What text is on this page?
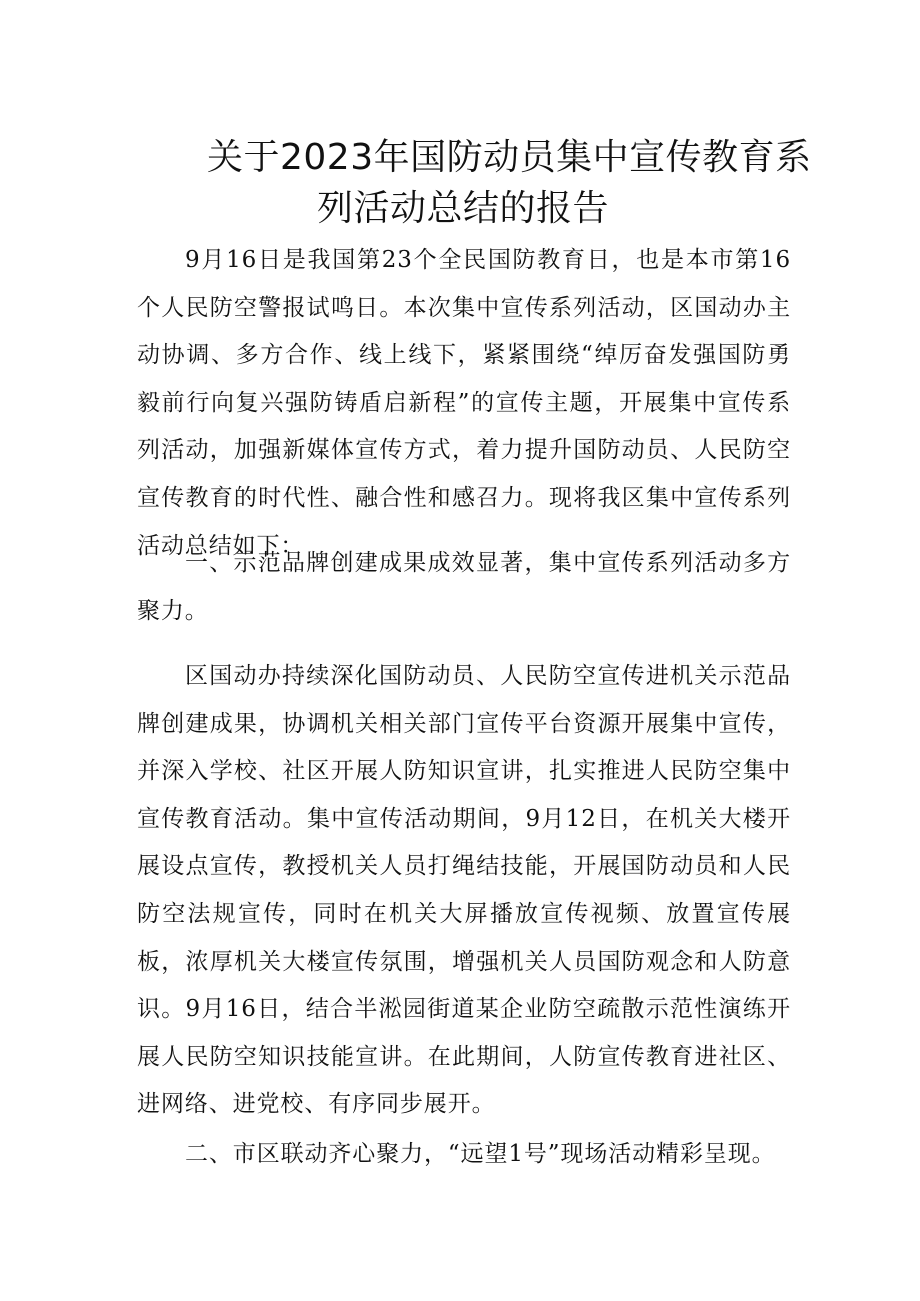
关于2023年国防动员集中宣传教育系
列活动总结的报告

9月16日是我国第23个全民国防教育日，也是本市第16个人民防空警报试鸣日。本次集中宣传系列活动，区国动办主动协调、多方合作、线上线下，紧紧围绕“绰厉奋发强国防勇毅前行向复兴强防铸盾启新程”的宣传主题，开展集中宣传系列活动，加强新媒体宣传方式，着力提升国防动员、人民防空宣传教育的时代性、融合性和感召力。现将我区集中宣传系列活动总结如下：

一、示范品牌创建成果成效显著，集中宣传系列活动多方聚力。

区国动办持续深化国防动员、人民防空宣传进机关示范品牌创建成果，协调机关相关部门宣传平台资源开展集中宣传，并深入学校、社区开展人防知识宣讲，扎实推进人民防空集中宣传教育活动。集中宣传活动期间，9月12日，在机关大楼开展设点宣传，教授机关人员打绳结技能，开展国防动员和人民防空法规宣传，同时在机关大屏播放宣传视频、放置宣传展板，浓厚机关大楼宣传氛围，增强机关人员国防观念和人防意识。9月16日，结合半淞园街道某企业防空疏散示范性演练开展人民防空知识技能宣讲。在此期间，人防宣传教育进社区、进网络、进党校、有序同步展开。

二、市区联动齐心聚力，“远望1号”现场活动精彩呈现。
